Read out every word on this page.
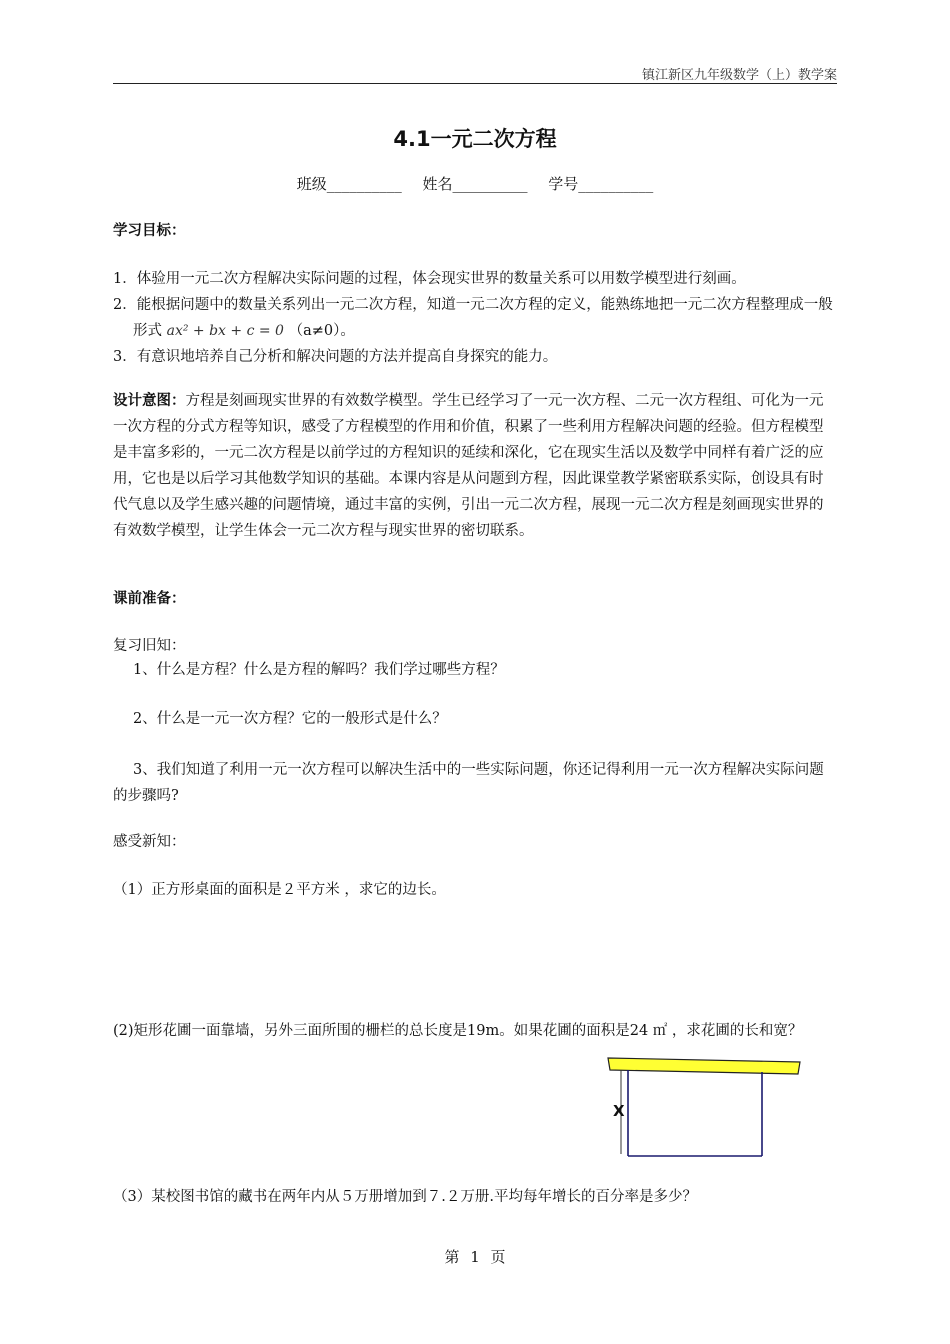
镇江新区九年级数学（上）教学案
4.1一元二次方程
班级__________ 姓名__________ 学号__________
学习目标：
1．体验用一元二次方程解决实际问题的过程，体会现实世界的数量关系可以用数学模型进行刻画。
2．能根据问题中的数量关系列出一元二次方程，知道一元二次方程的定义，能熟练地把一元二次方程整理成一般形式 ax² + bx + c = 0 （a≠0）。
3．有意识地培养自己分析和解决问题的方法并提高自身探究的能力。
设计意图：方程是刻画现实世界的有效数学模型。学生已经学习了一元一次方程、二元一次方程组、可化为一元一次方程的分式方程等知识，感受了方程模型的作用和价值，积累了一些利用方程解决问题的经验。但方程模型是丰富多彩的，一元二次方程是以前学过的方程知识的延续和深化，它在现实生活以及数学中同样有着广泛的应用，它也是以后学习其他数学知识的基础。本课内容是从问题到方程，因此课堂教学紧密联系实际，创设具有时代气息以及学生感兴趣的问题情境，通过丰富的实例，引出一元二次方程，展现一元二次方程是刻画现实世界的有效数学模型，让学生体会一元二次方程与现实世界的密切联系。
课前准备：
复习旧知：
1、什么是方程？什么是方程的解吗？我们学过哪些方程？
2、什么是一元一次方程？它的一般形式是什么？
3、我们知道了利用一元一次方程可以解决生活中的一些实际问题，你还记得利用一元一次方程解决实际问题的步骤吗?
感受新知：
（1）正方形桌面的面积是２平方米 ，求它的边长。
(2)矩形花圃一面靠墙，另外三面所围的栅栏的总长度是19m。如果花圃的面积是24 ㎡ ，求花圃的长和宽？
X
（3）某校图书馆的藏书在两年内从５万册增加到７.２万册.平均每年增长的百分率是多少？
第 1 页
